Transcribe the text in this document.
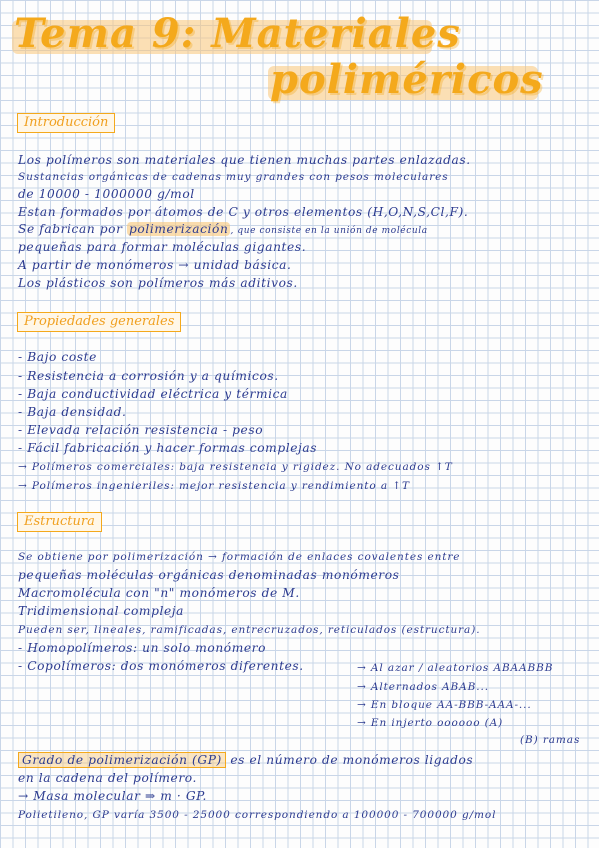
Tema 9: Materiales
poliméricos
Introducción
Los polímeros son materiales que tienen muchas partes enlazadas.
Sustancias orgánicas de cadenas muy grandes con pesos moleculares
de 10000 - 1000000 g/mol
Estan formados por átomos de C y otros elementos (H,O,N,S,Cl,F).
Se fabrican por polimerización , que consiste en la unión de molécula
pequeñas para formar moléculas gigantes.
A partir de monómeros → unidad básica.
Los plásticos son polímeros más aditivos.
Propiedades generales
- Bajo coste
- Resistencia a corrosión y a químicos.
- Baja conductividad eléctrica y térmica
- Baja densidad.
- Elevada relación resistencia - peso
- Fácil fabricación y hacer formas complejas
→ Polímeros comerciales: baja resistencia y rigidez. No adecuados ↑T
→ Polímeros ingenieriles: mejor resistencia y rendimiento a ↑T
Estructura
Se obtiene por polimerización → formación de enlaces covalentes entre
pequeñas moléculas orgánicas denominadas monómeros
Macromolécula con "n" monómeros de M.
Tridimensional compleja
Pueden ser, lineales, ramificadas, entrecruzados, reticulados (estructura).
- Homopolímeros: un solo monómero
- Copolímeros: dos monómeros diferentes.	→ Al azar / aleatorios ABAABBB
→ Alternados ABAB...
→ En bloque AA-BBB-AAA-...
→ En injerto oooooo (A)
(B) ramas
Grado de polimerización (GP) es el número de monómeros ligados
en la cadena del polímero.
→ Masa molecular ⇒ m · GP.
Polietileno, GP varía 3500 - 25000 correspondiendo a 100000 - 700000 g/mol
